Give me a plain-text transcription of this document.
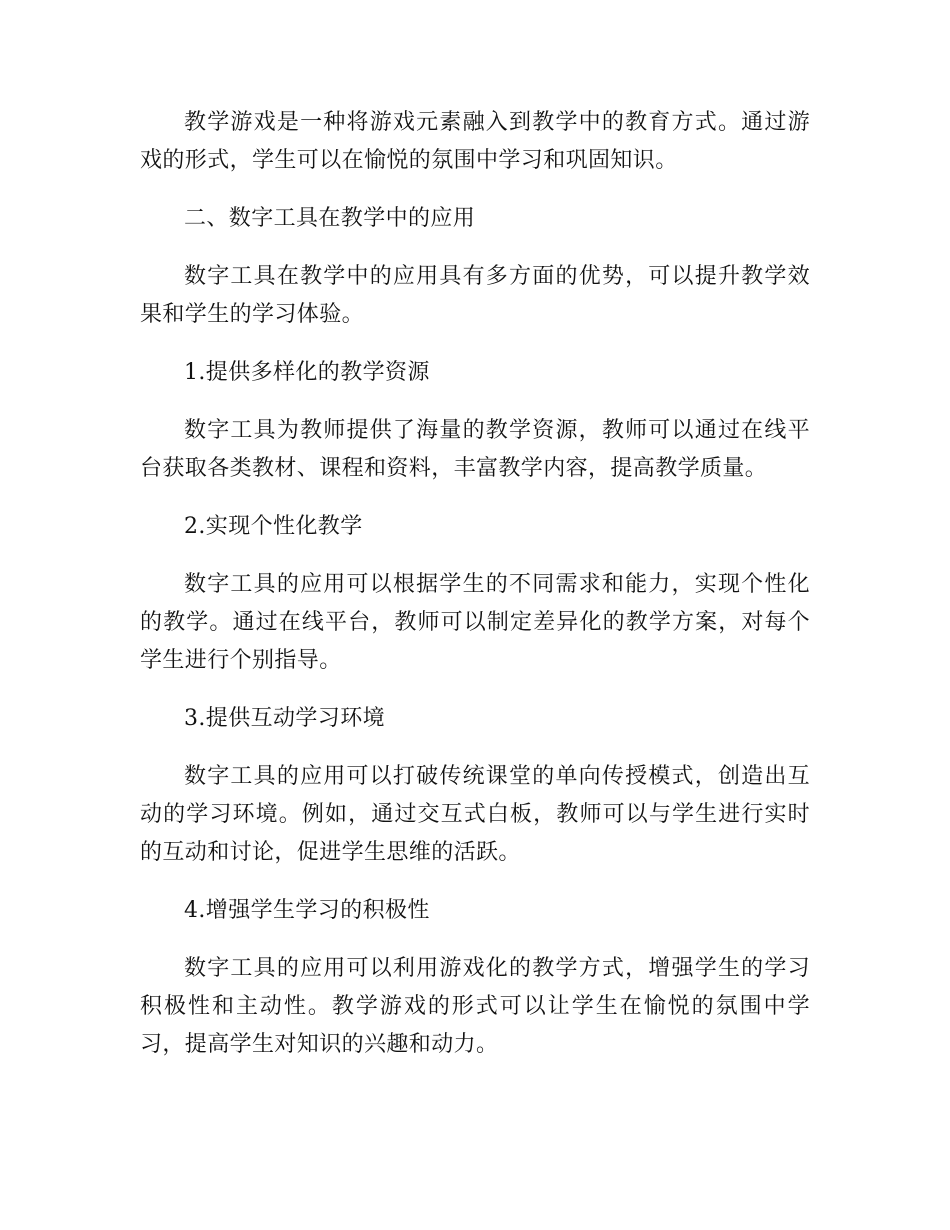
教学游戏是一种将游戏元素融入到教学中的教育方式。通过游戏的形式，学生可以在愉悦的氛围中学习和巩固知识。

二、数字工具在教学中的应用

数字工具在教学中的应用具有多方面的优势，可以提升教学效果和学生的学习体验。

1.提供多样化的教学资源

数字工具为教师提供了海量的教学资源，教师可以通过在线平台获取各类教材、课程和资料，丰富教学内容，提高教学质量。

2.实现个性化教学

数字工具的应用可以根据学生的不同需求和能力，实现个性化的教学。通过在线平台，教师可以制定差异化的教学方案，对每个学生进行个别指导。

3.提供互动学习环境

数字工具的应用可以打破传统课堂的单向传授模式，创造出互动的学习环境。例如，通过交互式白板，教师可以与学生进行实时的互动和讨论，促进学生思维的活跃。

4.增强学生学习的积极性

数字工具的应用可以利用游戏化的教学方式，增强学生的学习积极性和主动性。教学游戏的形式可以让学生在愉悦的氛围中学习，提高学生对知识的兴趣和动力。
